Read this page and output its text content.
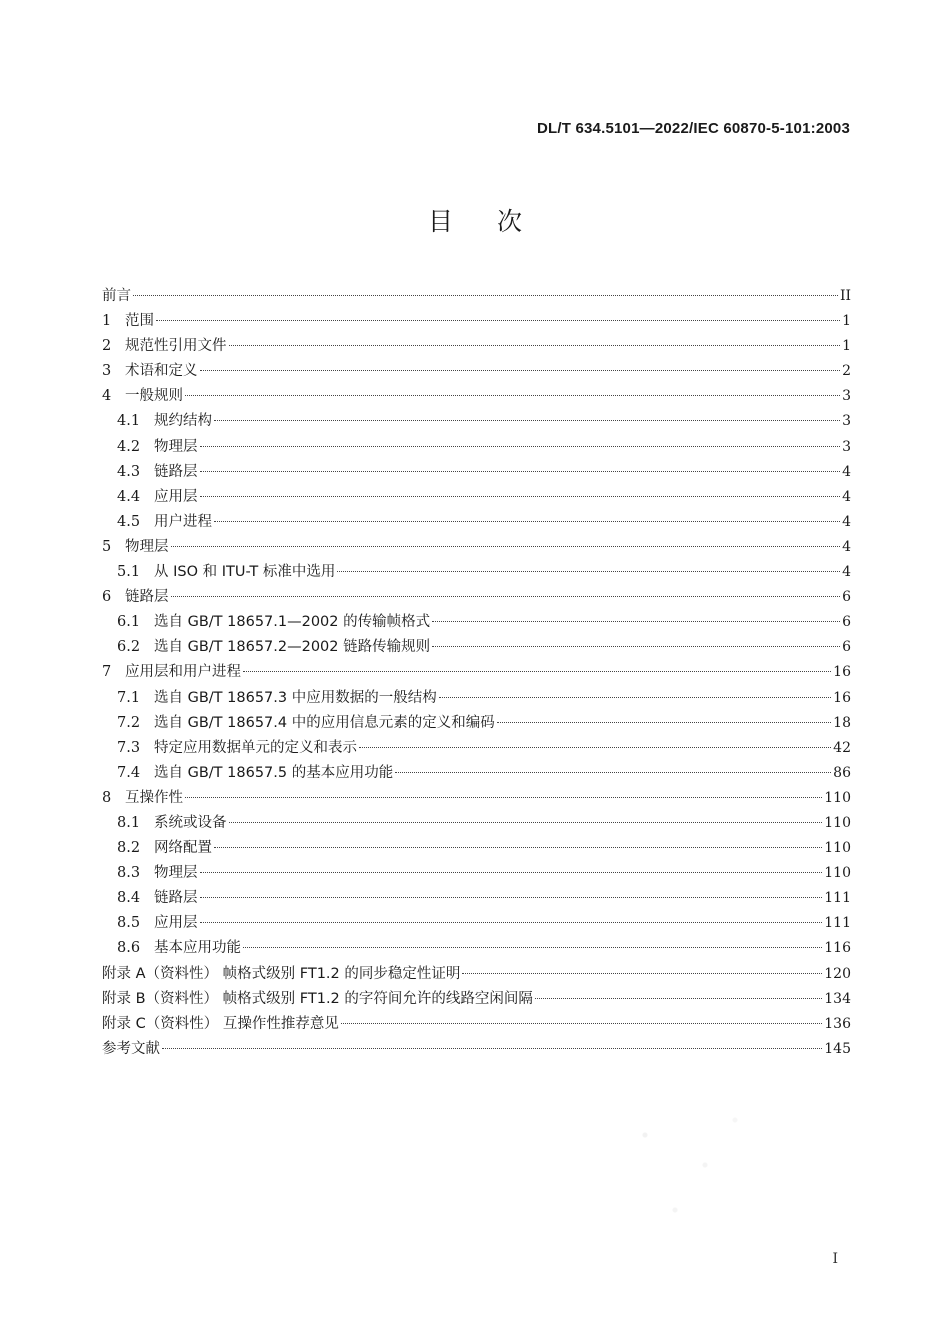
DL/T 634.5101—2022/IEC 60870-5-101:2003
目次
前言	II
1 范围	1
2 规范性引用文件	1
3 术语和定义	2
4 一般规则	3
4.1 规约结构	3
4.2 物理层	3
4.3 链路层	4
4.4 应用层	4
4.5 用户进程	4
5 物理层	4
5.1 从 ISO 和 ITU-T 标准中选用	4
6 链路层	6
6.1 选自 GB/T 18657.1—2002 的传输帧格式	6
6.2 选自 GB/T 18657.2—2002 链路传输规则	6
7 应用层和用户进程	16
7.1 选自 GB/T 18657.3 中应用数据的一般结构	16
7.2 选自 GB/T 18657.4 中的应用信息元素的定义和编码	18
7.3 特定应用数据单元的定义和表示	42
7.4 选自 GB/T 18657.5 的基本应用功能	86
8 互操作性	110
8.1 系统或设备	110
8.2 网络配置	110
8.3 物理层	110
8.4 链路层	111
8.5 应用层	111
8.6 基本应用功能	116
附录 A（资料性） 帧格式级别 FT1.2 的同步稳定性证明	120
附录 B（资料性） 帧格式级别 FT1.2 的字符间允许的线路空闲间隔	134
附录 C（资料性） 互操作性推荐意见	136
参考文献	145
I
